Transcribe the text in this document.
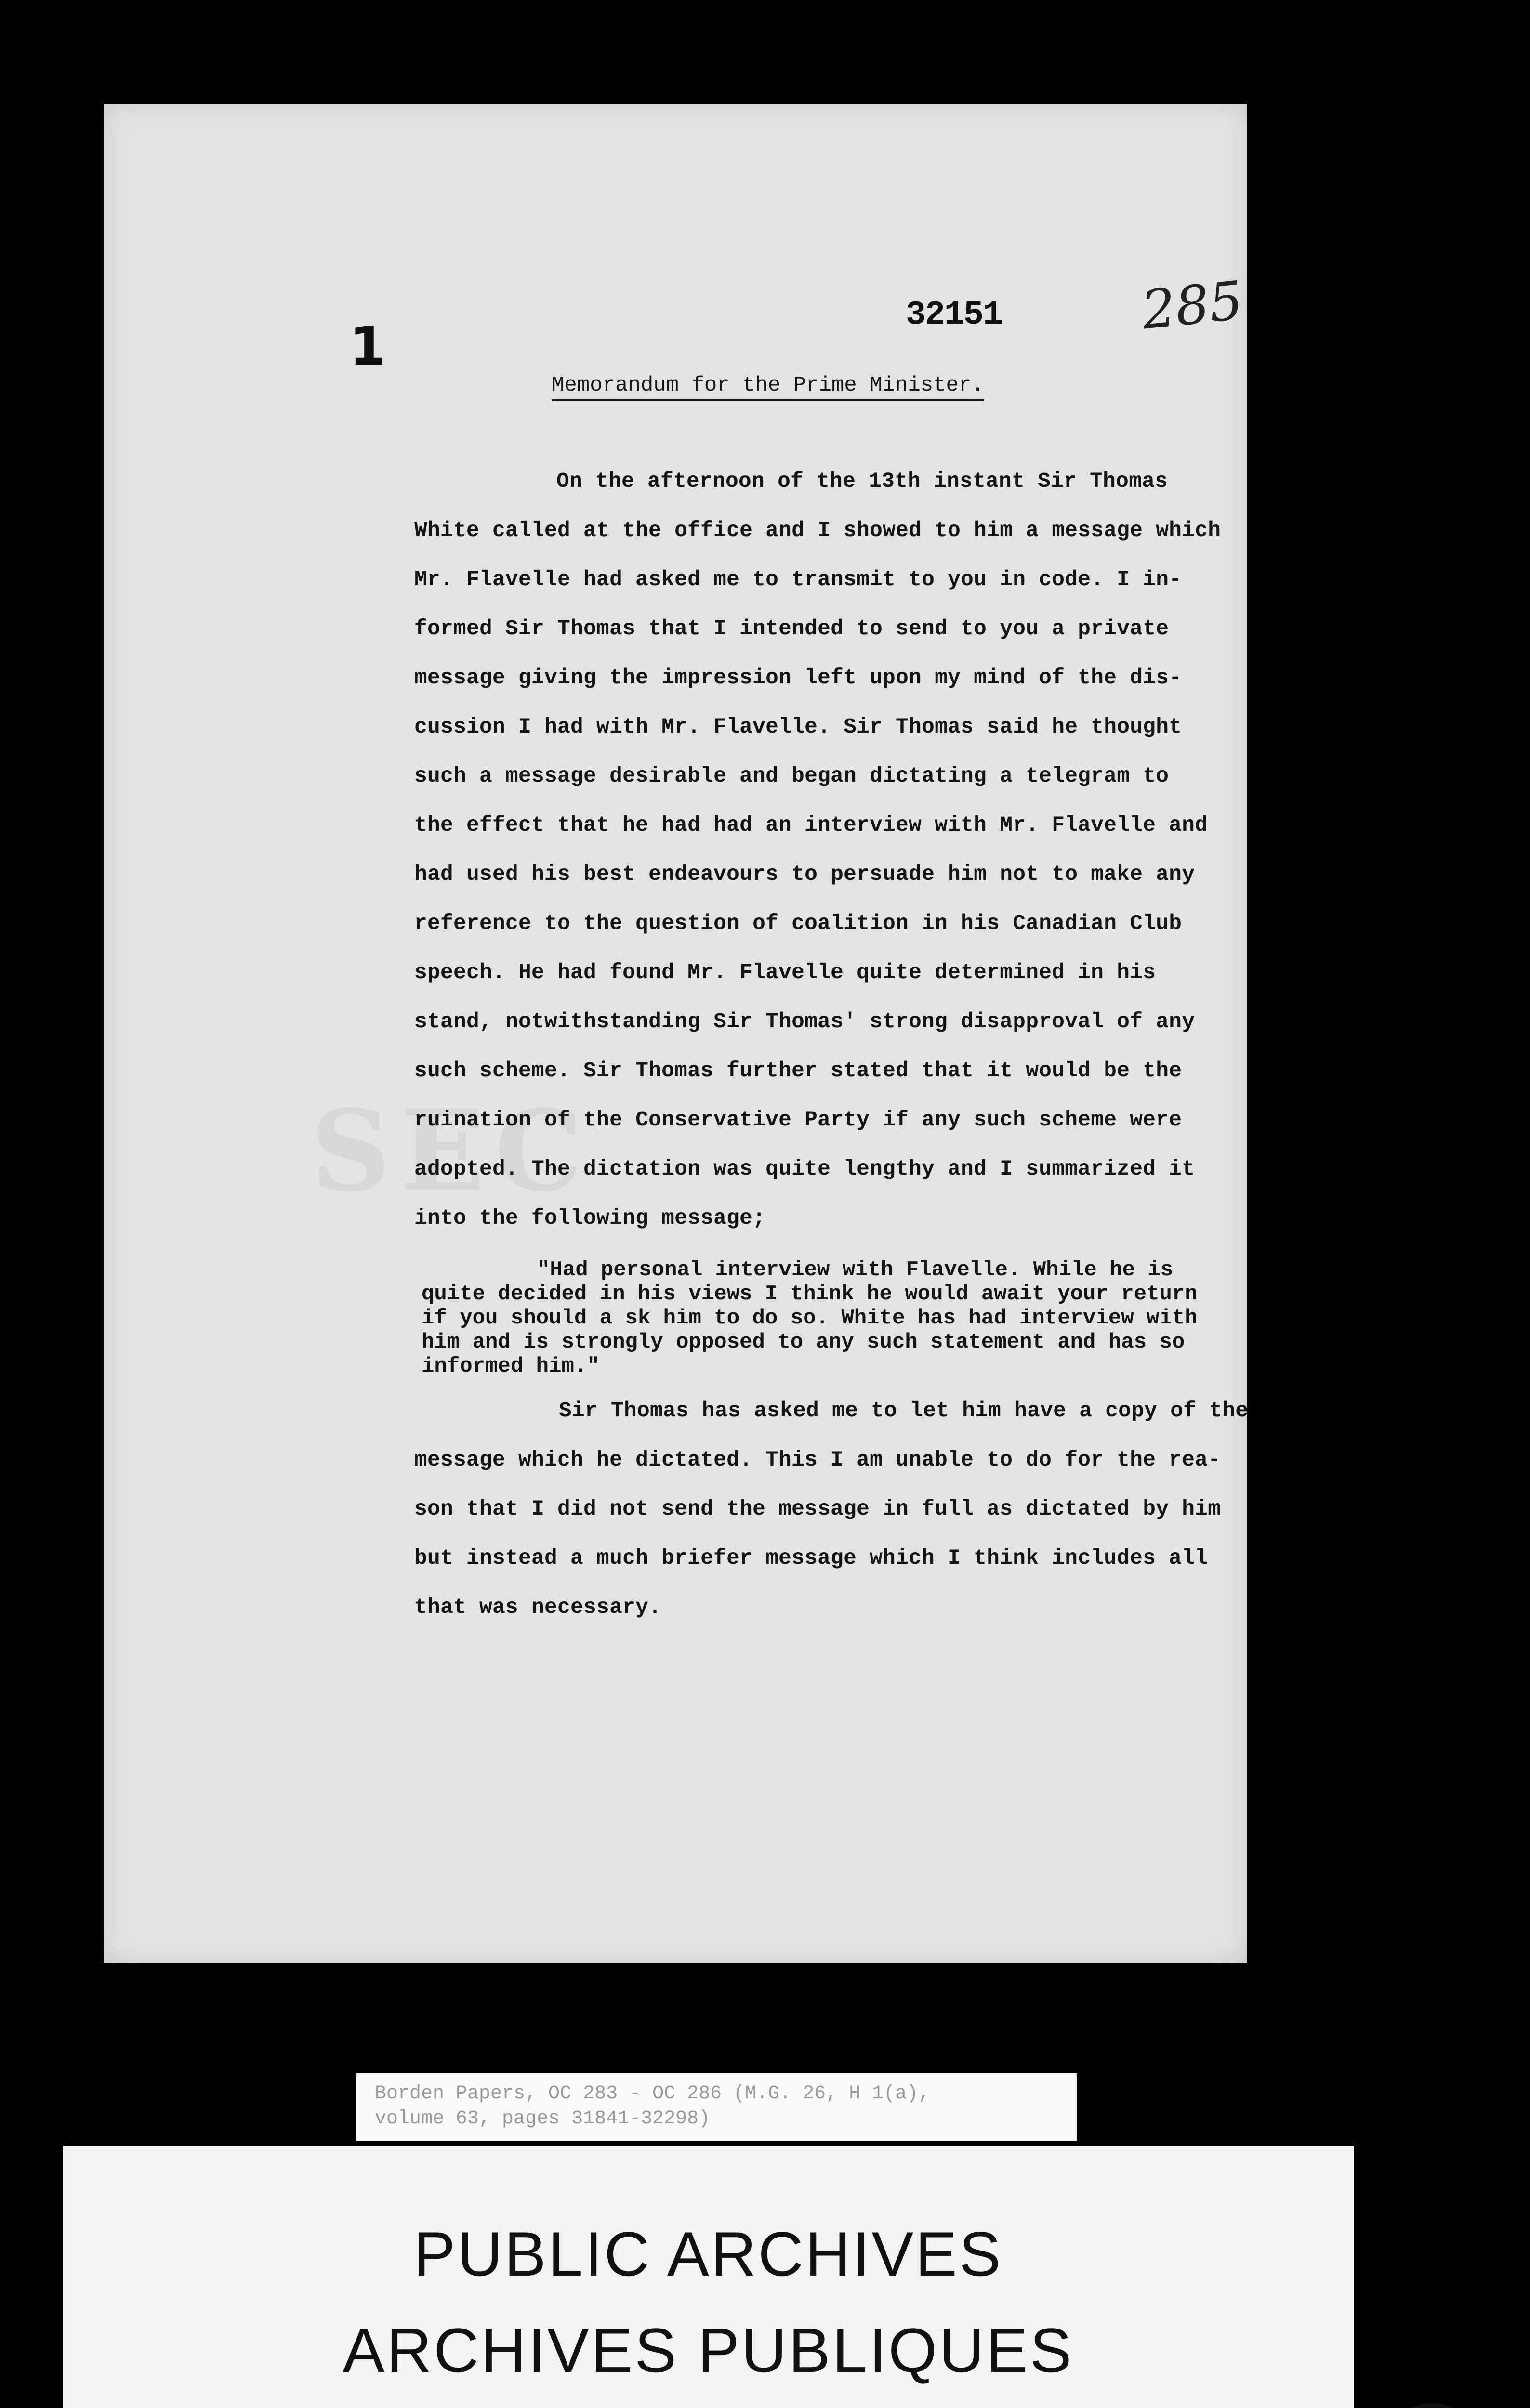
1
32151	285
Memorandum for the Prime Minister.
SEC
On the afternoon of the 13th instant Sir Thomas
White called at the office and I showed to him a message which
Mr. Flavelle had asked me to transmit to you in code. I in-
formed Sir Thomas that I intended to send to you a private
message giving the impression left upon my mind of the dis-
cussion I had with Mr. Flavelle. Sir Thomas said he thought
such a message desirable and began dictating a telegram to
the effect that he had had an interview with Mr. Flavelle and
had used his best endeavours to persuade him not to make any
reference to the question of coalition in his Canadian Club
speech. He had found Mr. Flavelle quite determined in his
stand, notwithstanding Sir Thomas' strong disapproval of any
such scheme. Sir Thomas further stated that it would be the
ruination of the Conservative Party if any such scheme were
adopted. The dictation was quite lengthy and I summarized it
into the following message;
"Had personal interview with Flavelle. While he is
quite decided in his views I think he would await your return
if you should a sk him to do so. White has had interview with
him and is strongly opposed to any such statement and has so
informed him."
Sir Thomas has asked me to let him have a copy of the
message which he dictated. This I am unable to do for the rea-
son that I did not send the message in full as dictated by him
but instead a much briefer message which I think includes all
that was necessary.
Borden Papers, OC 283 - OC 286 (M.G. 26, H 1(a),
volume 63, pages 31841-32298)
PUBLIC ARCHIVES
ARCHIVES PUBLIQUES
